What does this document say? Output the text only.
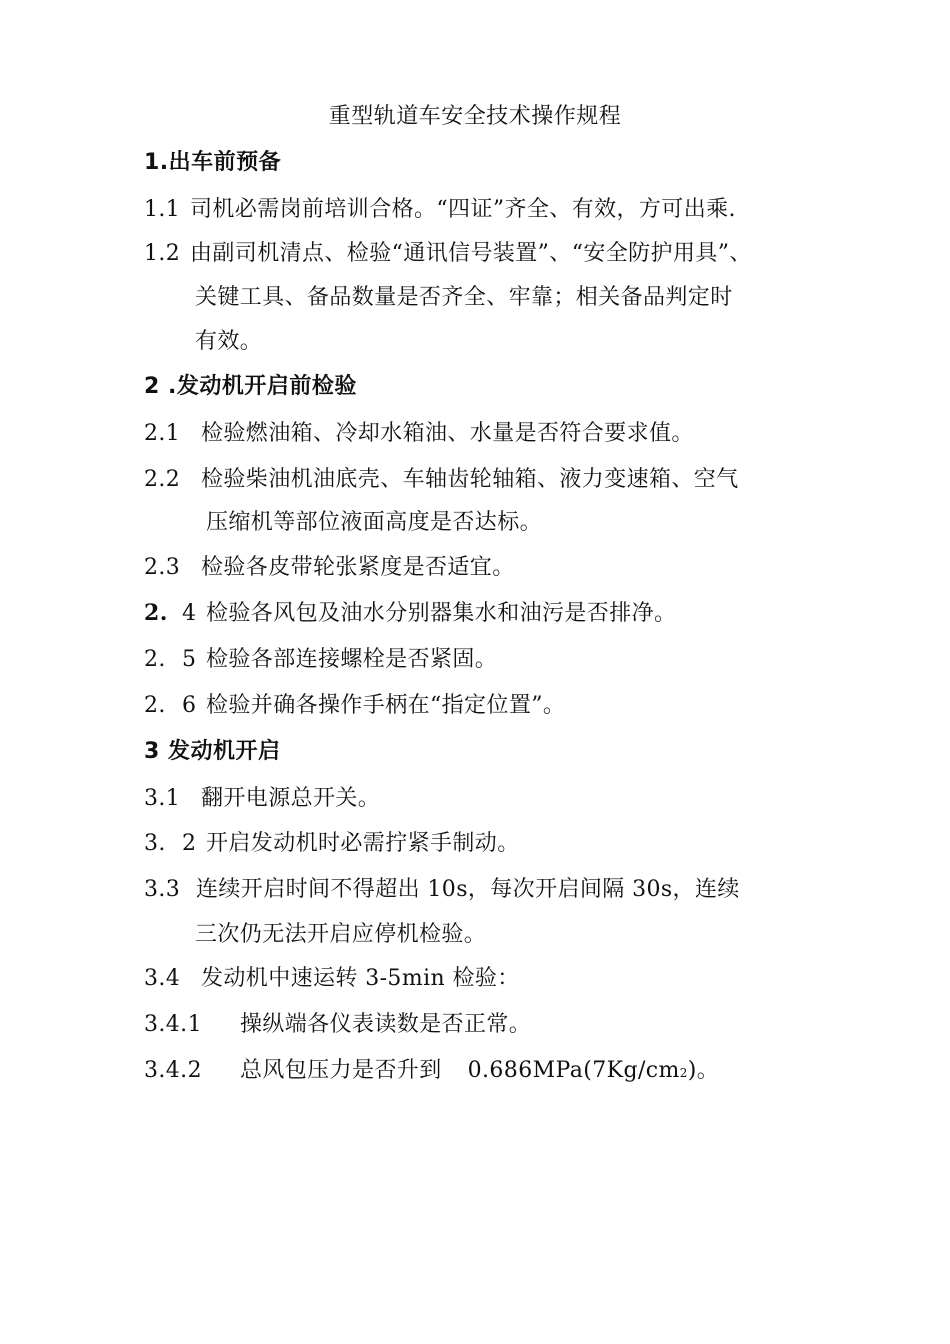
重型轨道车安全技术操作规程
1.出车前预备
1.1 司机必需岗前培训合格。“四证”齐全、有效，方可出乘.
1.2 由副司机清点、检验“通讯信号装置”、“安全防护用具”、
关键工具、备品数量是否齐全、牢靠；相关备品判定时
有效。
2 .发动机开启前检验
2.1 检验燃油箱、冷却水箱油、水量是否符合要求值。
2.2 检验柴油机油底壳、车轴齿轮轴箱、液力变速箱、空气
压缩机等部位液面高度是否达标。
2.3 检验各皮带轮张紧度是否适宜。
2. 4 检验各风包及油水分别器集水和油污是否排净。
2. 5 检验各部连接螺栓是否紧固。
2. 6 检验并确各操作手柄在“指定位置”。
3 发动机开启
3.1 翻开电源总开关。
3. 2 开启发动机时必需拧紧手制动。
3.3 连续开启时间不得超出 10s，每次开启间隔 30s，连续
三次仍无法开启应停机检验。
3.4 发动机中速运转 3-5min 检验：
3.4.1 操纵端各仪表读数是否正常。
3.4.2 总风包压力是否升到 0.686MPa(7Kg/cm2)。
